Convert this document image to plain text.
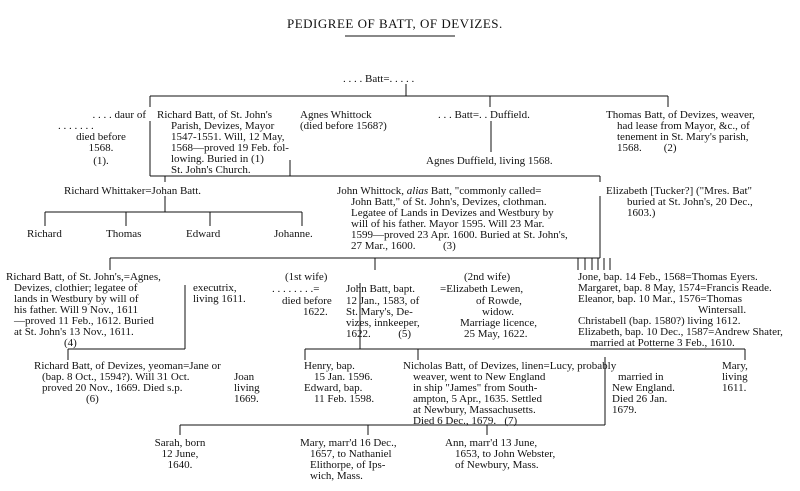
PEDIGREE OF BATT, OF DEVIZES.
. . . . Batt=. . . . .
. . . . daur of
. . . . . . .
died before
1568.
(1).
Richard Batt, of St. John's
Parish, Devizes, Mayor
1547-1551. Will, 12 May,
1568—proved 19 Feb. fol-
lowing. Buried in (1)
St. John's Church.
Agnes Whittock
(died before 1568?)
. . . Batt=. . Duffield.
Agnes Duffield, living 1568.
Thomas Batt, of Devizes, weaver,
had lease from Mayor, &c., of
tenement in St. Mary's parish,
1568.        (2)
Richard Whittaker=Johan Batt.	John Whittock, alias Batt, "commonly called=
John Batt," of St. John's, Devizes, clothman.
Legatee of Lands in Devizes and Westbury by
will of his father. Mayor 1595. Will 23 Mar.
1599—proved 23 Apr. 1600. Buried at St. John's,
27 Mar., 1600.          (3)
Elizabeth [Tucker?] ("Mres. Bat"
buried at St. John's, 20 Dec.,
1603.)
Richard	Thomas	Edward	Johanne.
Richard Batt, of St. John's,=Agnes,
Devizes, clothier; legatee of
lands in Westbury by will of
his father. Will 9 Nov., 1611
—proved 11 Feb., 1612. Buried
at St. John's 13 Nov., 1611.
(4)
executrix,
living 1611.
(1st wife)
. . . . . . . .=
died before
1622.
John Batt, bapt.
12 Jan., 1583, of
St. Mary's, De-
vizes, innkeeper,
1622.          (5)
(2nd wife)
=Elizabeth Lewen,
of Rowde,
widow.
Marriage licence,
25 May, 1622.
Jone, bap. 14 Feb., 1568=Thomas Eyers.
Margaret, bap. 8 May, 1574=Francis Reade.
Eleanor, bap. 10 Mar., 1576=Thomas
Wintersall.
Christabell (bap. 1580?) living 1612.
Elizabeth, bap. 10 Dec., 1587=Andrew Shater,
married at Potterne 3 Feb., 1610.
Richard Batt, of Devizes, yeoman=Jane or
(bap. 8 Oct., 1594?). Will 31 Oct.
proved 20 Nov., 1669. Died s.p.
(6)
Joan
living
1669.
Henry, bap.
15 Jan. 1596.
Edward, bap.
11 Feb. 1598.
Nicholas Batt, of Devizes, linen=Lucy, probably
weaver, went to New England
in ship "James" from South-
ampton, 5 Apr., 1635. Settled
at Newbury, Massachusetts.
Died 6 Dec., 1679.   (7)
married in
New England.
Died 26 Jan.
1679.
Mary,
living
1611.
Sarah, born
12 June,
1640.
Mary, marr'd 16 Dec.,
1657, to Nathaniel
Elithorpe, of Ips-
wich, Mass.
Ann, marr'd 13 June,
1653, to John Webster,
of Newbury, Mass.
